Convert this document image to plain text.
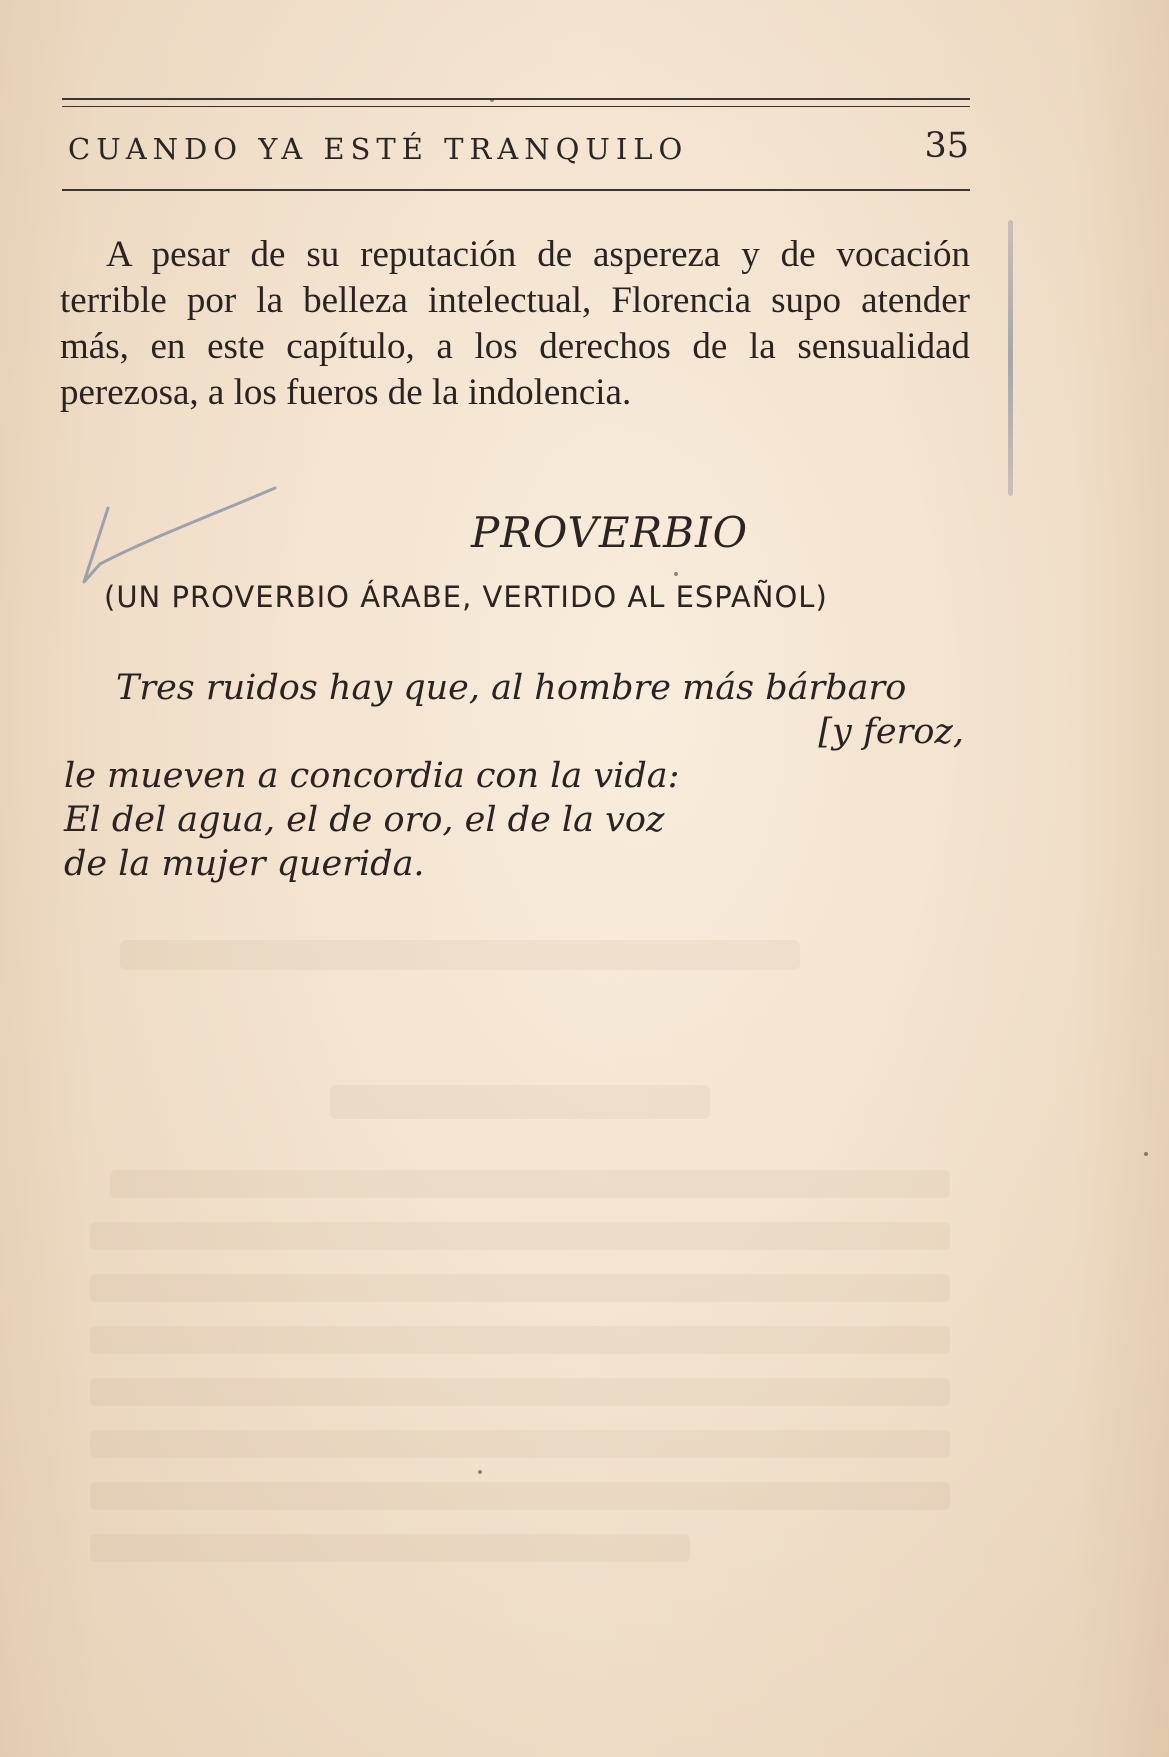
CUANDO YA ESTÉ TRANQUILO	35
A pesar de su reputación de aspereza y de vocación terrible por la belleza intelectual, Florencia supo atender más, en este capítulo, a los derechos de la sensualidad perezosa, a los fueros de la indolencia.
PROVERBIO
(UN PROVERBIO ÁRABE, VERTIDO AL ESPAÑOL)
Tres ruidos hay que, al hombre más bárbaro
[y feroz,
le mueven a concordia con la vida:
El del agua, el de oro, el de la voz
de la mujer querida.
